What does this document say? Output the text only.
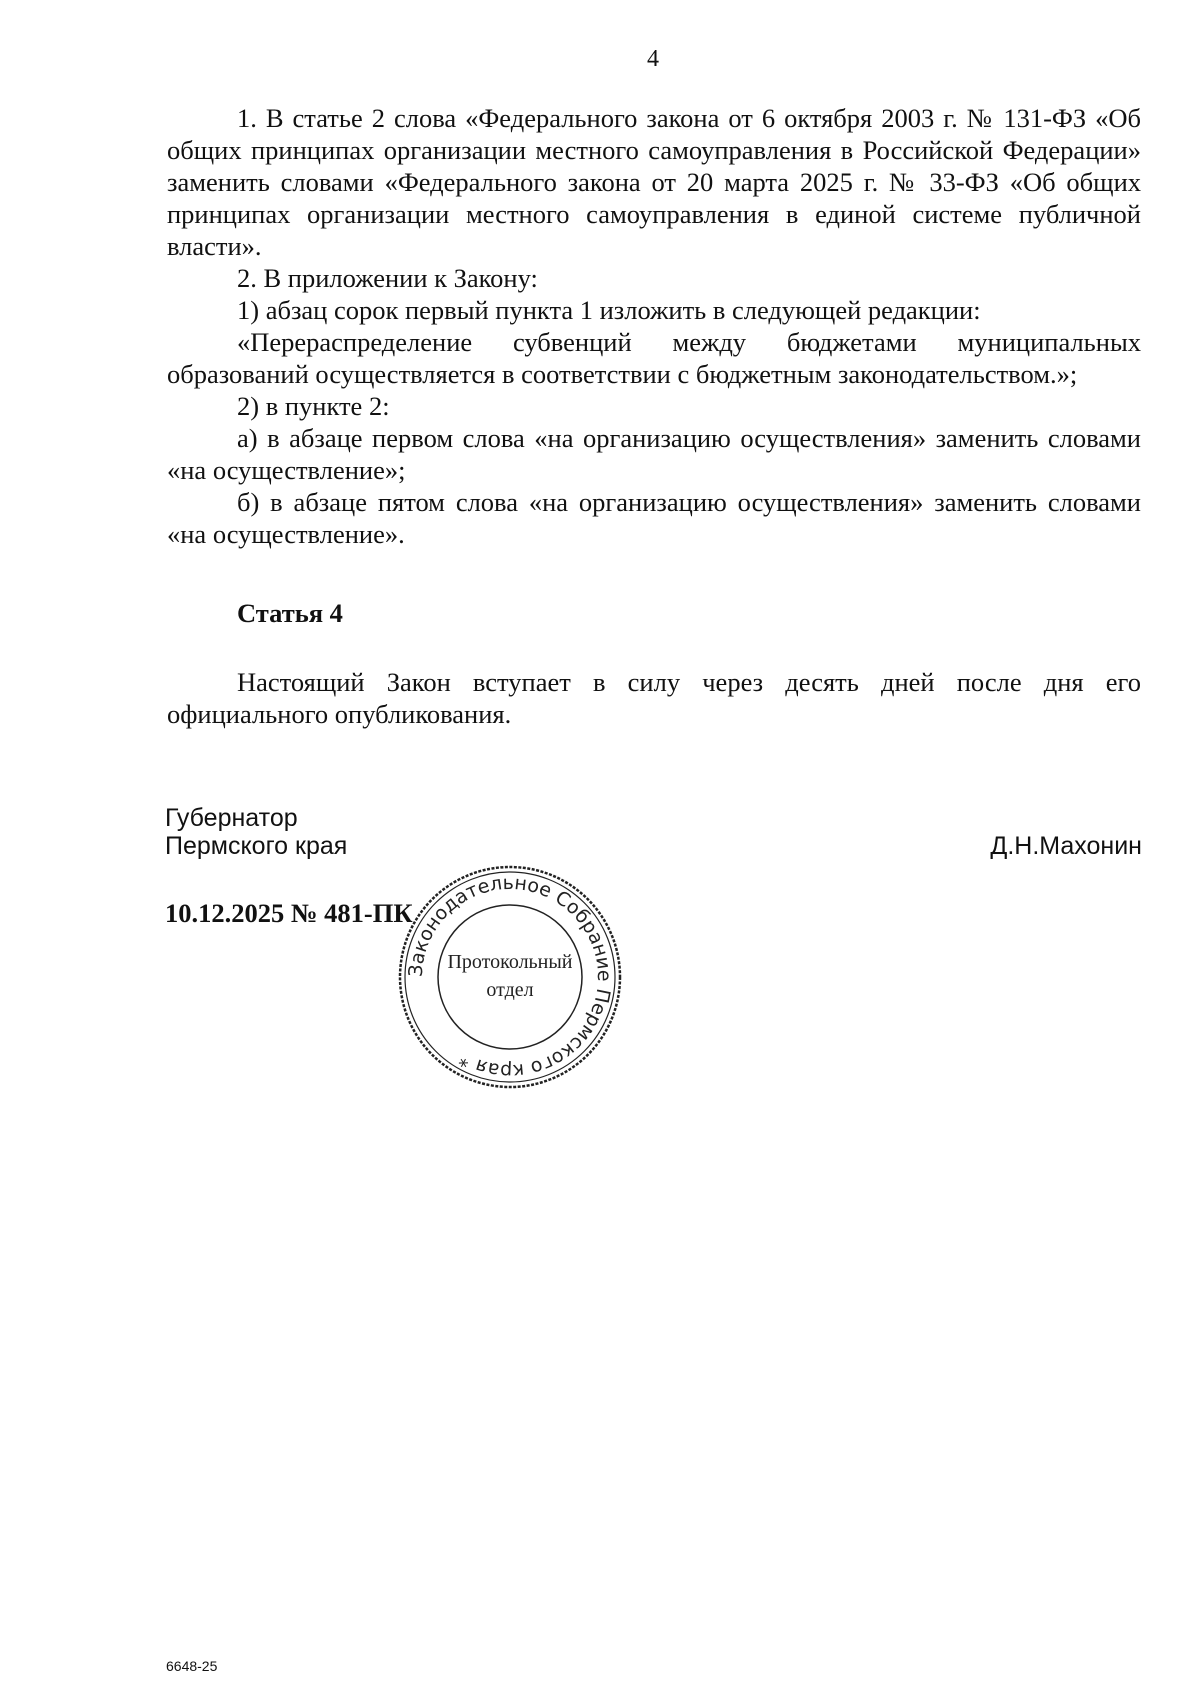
4

1. В статье 2 слова «Федерального закона от 6 октября 2003 г. № 131-ФЗ «Об общих принципах организации местного самоуправления в Российской Федерации» заменить словами «Федерального закона от 20 марта 2025 г. № 33-ФЗ «Об общих принципах организации местного самоуправления в единой системе публичной власти».

2. В приложении к Закону:

1) абзац сорок первый пункта 1 изложить в следующей редакции:

«Перераспределение субвенций между бюджетами муниципальных образований осуществляется в соответствии с бюджетным законодательством.»;

2) в пункте 2:

а) в абзаце первом слова «на организацию осуществления» заменить словами «на осуществление»;

б) в абзаце пятом слова «на организацию осуществления» заменить словами «на осуществление».

Статья 4

Настоящий Закон вступает в силу через десять дней после дня его официального опубликования.

Губернатор
Пермского края	Д.Н.Махонин
10.12.2025 № 481-ПК
Законодательное Собрание Пермского края *
Протокольный
отдел
6648-25
